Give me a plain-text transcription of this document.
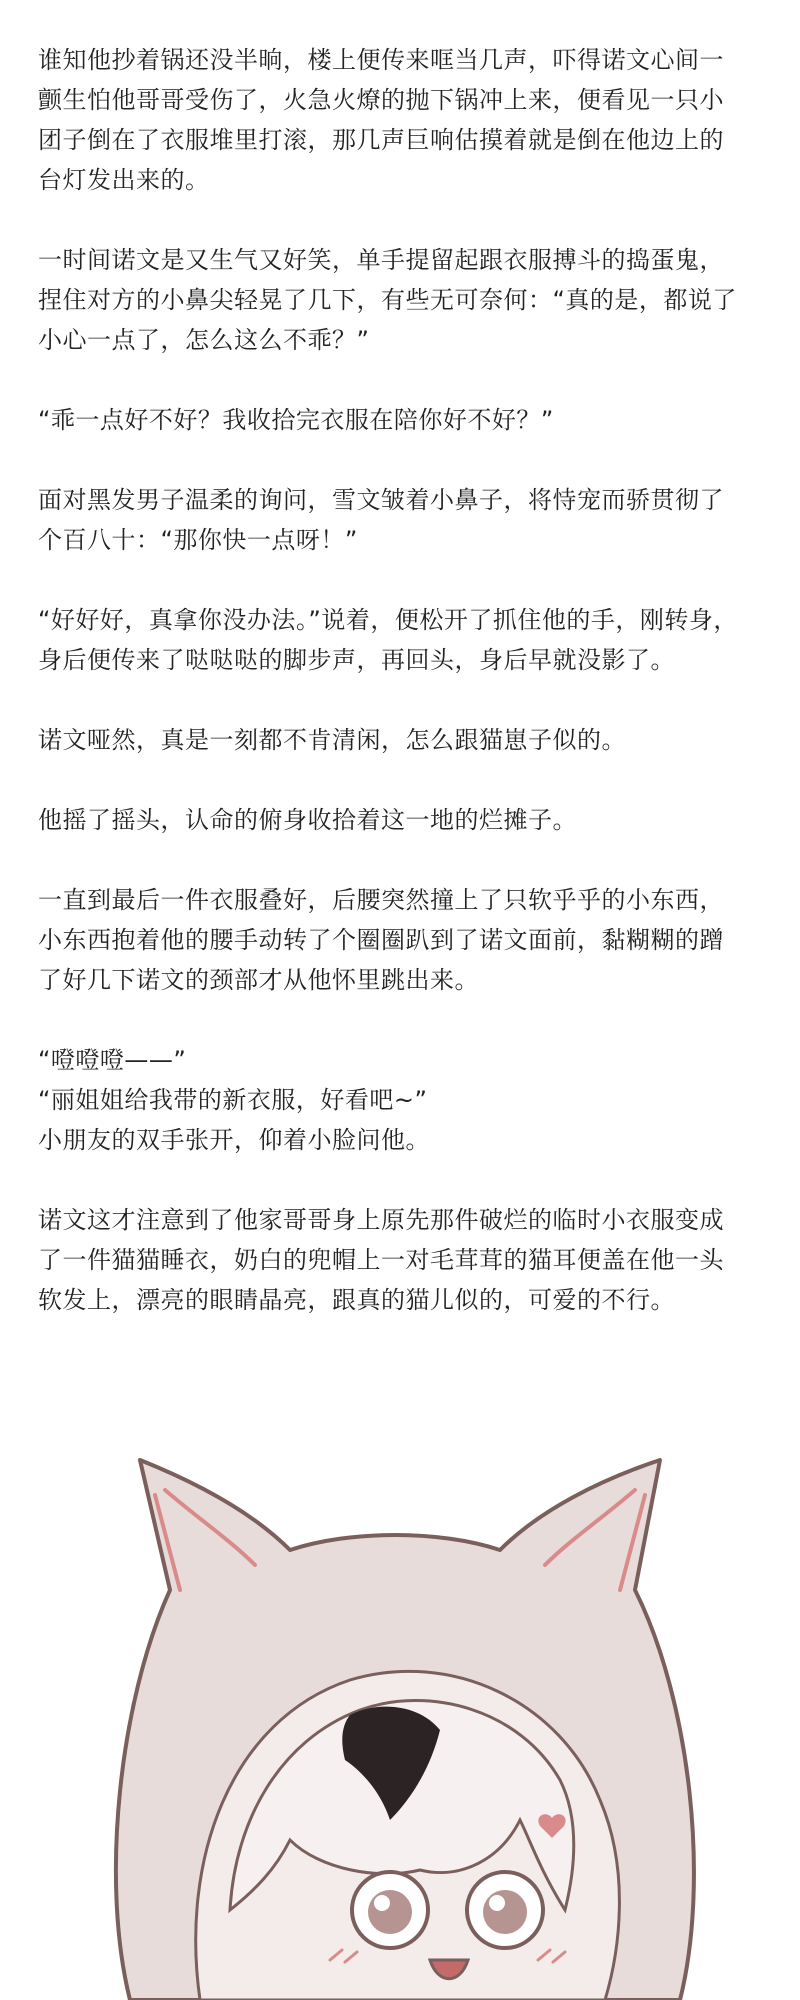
谁知他抄着锅还没半晌，楼上便传来哐当几声，吓得诺文心间一颤生怕他哥哥受伤了，火急火燎的抛下锅冲上来，便看见一只小团子倒在了衣服堆里打滚，那几声巨响估摸着就是倒在他边上的台灯发出来的。

一时间诺文是又生气又好笑，单手提留起跟衣服搏斗的捣蛋鬼，捏住对方的小鼻尖轻晃了几下，有些无可奈何：“真的是，都说了小心一点了，怎么这么不乖？”

“乖一点好不好？我收拾完衣服在陪你好不好？”

面对黑发男子温柔的询问，雪文皱着小鼻子，将恃宠而骄贯彻了个百八十：“那你快一点呀！”

“好好好，真拿你没办法。”说着，便松开了抓住他的手，刚转身，身后便传来了哒哒哒的脚步声，再回头，身后早就没影了。

诺文哑然，真是一刻都不肯清闲，怎么跟猫崽子似的。

他摇了摇头，认命的俯身收拾着这一地的烂摊子。

一直到最后一件衣服叠好，后腰突然撞上了只软乎乎的小东西，小东西抱着他的腰手动转了个圈圈趴到了诺文面前，黏糊糊的蹭了好几下诺文的颈部才从他怀里跳出来。

“噔噔噔——”
“丽姐姐给我带的新衣服，好看吧~”
小朋友的双手张开，仰着小脸问他。

诺文这才注意到了他家哥哥身上原先那件破烂的临时小衣服变成了一件猫猫睡衣，奶白的兜帽上一对毛茸茸的猫耳便盖在他一头软发上，漂亮的眼睛晶亮，跟真的猫儿似的，可爱的不行。
